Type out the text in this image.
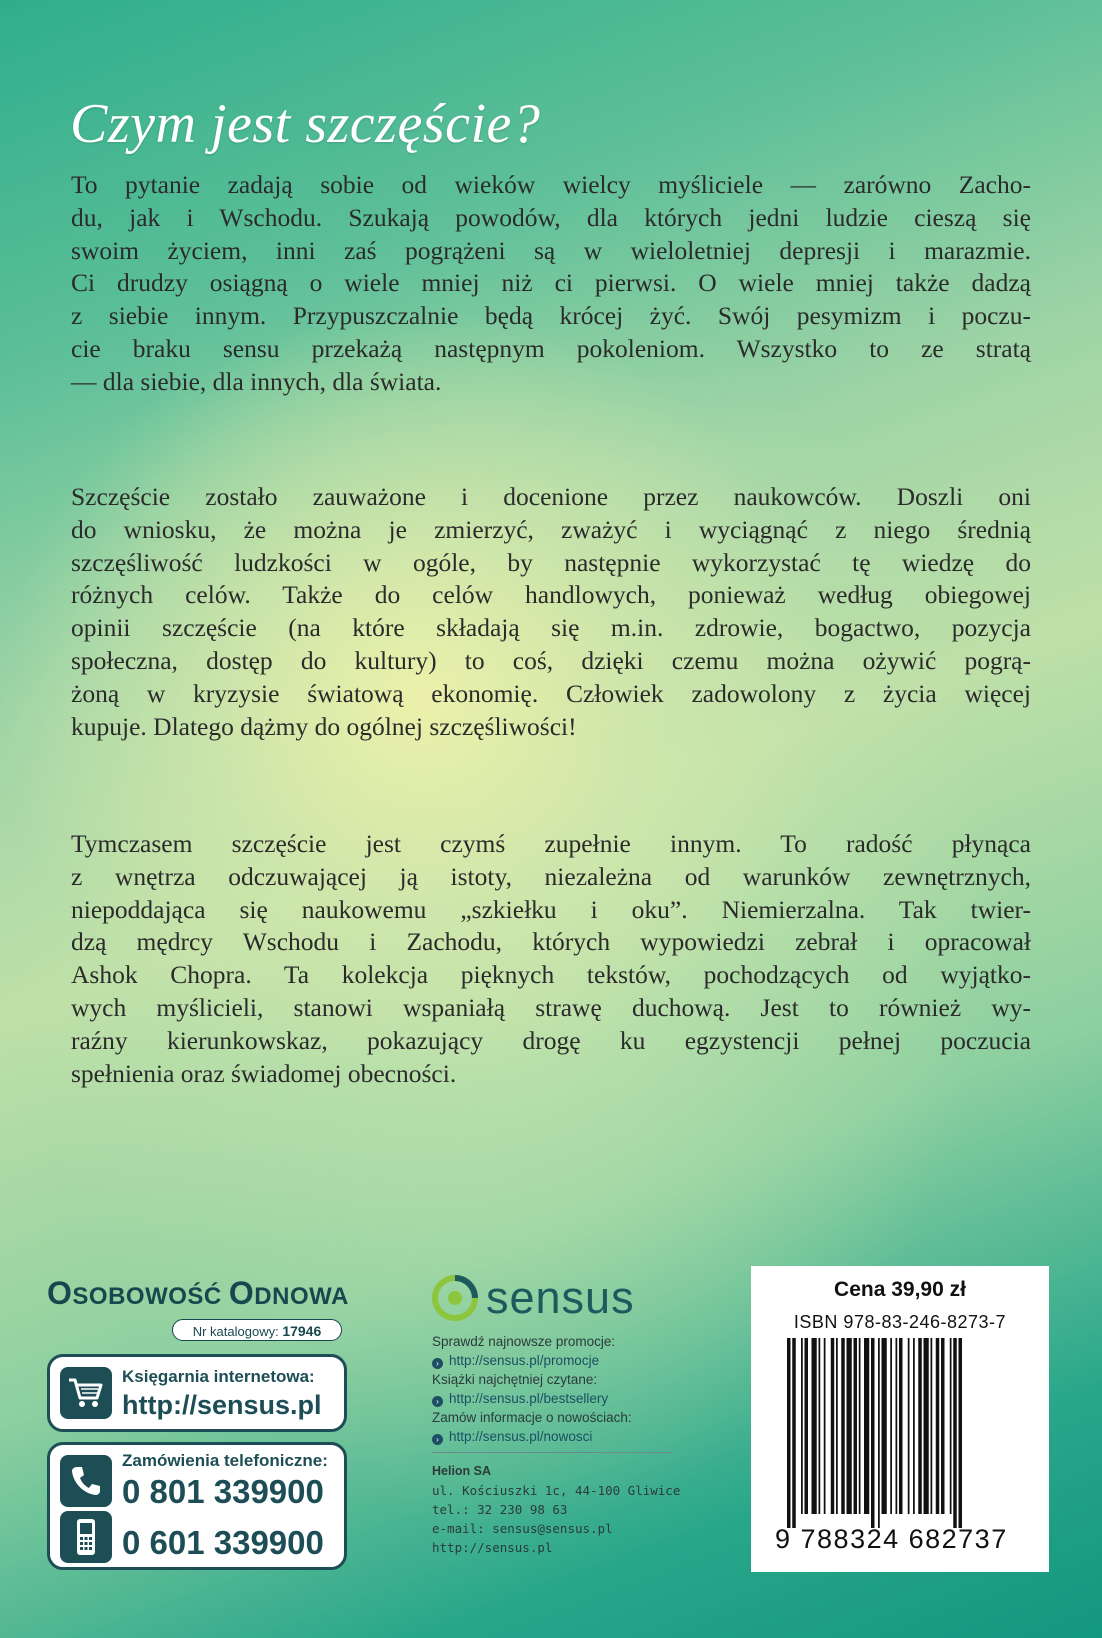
Czym jest szczęście?
To pytanie zadają sobie od wieków wielcy myśliciele — zarówno Zacho-
du, jak i Wschodu. Szukają powodów, dla których jedni ludzie cieszą się
swoim życiem, inni zaś pogrążeni są w wieloletniej depresji i marazmie.
Ci drudzy osiągną o wiele mniej niż ci pierwsi. O wiele mniej także dadzą
z siebie innym. Przypuszczalnie będą krócej żyć. Swój pesymizm i poczu-
cie braku sensu przekażą następnym pokoleniom. Wszystko to ze stratą
— dla siebie, dla innych, dla świata.
Szczęście zostało zauważone i docenione przez naukowców. Doszli oni
do wniosku, że można je zmierzyć, zważyć i wyciągnąć z niego średnią
szczęśliwość ludzkości w ogóle, by następnie wykorzystać tę wiedzę do
różnych celów. Także do celów handlowych, ponieważ według obiegowej
opinii szczęście (na które składają się m.in. zdrowie, bogactwo, pozycja
społeczna, dostęp do kultury) to coś, dzięki czemu można ożywić pogrą-
żoną w kryzysie światową ekonomię. Człowiek zadowolony z życia więcej
kupuje. Dlatego dążmy do ogólnej szczęśliwości!
Tymczasem szczęście jest czymś zupełnie innym. To radość płynąca
z wnętrza odczuwającej ją istoty, niezależna od warunków zewnętrznych,
niepoddająca się naukowemu „szkiełku i oku”. Niemierzalna. Tak twier-
dzą mędrcy Wschodu i Zachodu, których wypowiedzi zebrał i opracował
Ashok Chopra. Ta kolekcja pięknych tekstów, pochodzących od wyjątko-
wych myślicieli, stanowi wspaniałą strawę duchową. Jest to również wy-
raźny kierunkowskaz, pokazujący drogę ku egzystencji pełnej poczucia
spełnienia oraz świadomej obecności.
OSOBOWOŚĆ ODNOWA
Nr katalogowy: 17946
Księgarnia internetowa:
http://sensus.pl
Zamówienia telefoniczne:
0 801 339900
0 601 339900
sensus
Sprawdź najnowsze promocje:
› http://sensus.pl/promocje
Książki najchętniej czytane:
› http://sensus.pl/bestsellery
Zamów informacje o nowościach:
› http://sensus.pl/nowosci
Helion SA
ul. Kościuszki 1c, 44-100 Gliwice
tel.: 32 230 98 63
e-mail: sensus@sensus.pl
http://sensus.pl
Cena 39,90 zł
ISBN 978-83-246-8273-7
9 788324 682737
